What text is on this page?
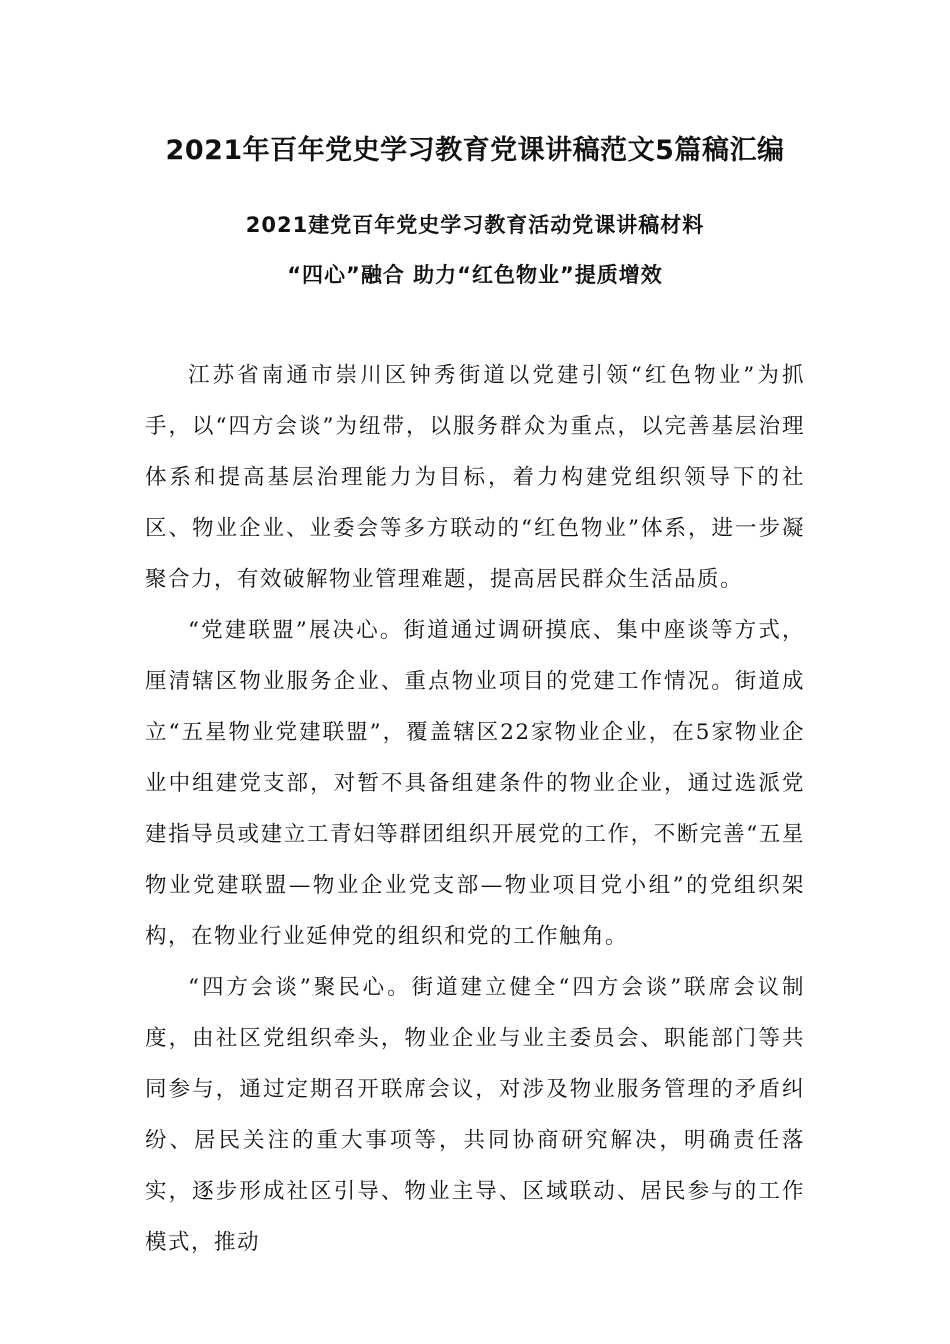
2021年百年党史学习教育党课讲稿范文5篇稿汇编
2021建党百年党史学习教育活动党课讲稿材料
“四心”融合 助力“红色物业”提质增效

江苏省南通市崇川区钟秀街道以党建引领“红色物业”为抓手，以“四方会谈”为纽带，以服务群众为重点，以完善基层治理体系和提高基层治理能力为目标，着力构建党组织领导下的社区、物业企业、业委会等多方联动的“红色物业”体系，进一步凝聚合力，有效破解物业管理难题，提高居民群众生活品质。

“党建联盟”展决心。街道通过调研摸底、集中座谈等方式，厘清辖区物业服务企业、重点物业项目的党建工作情况。街道成立“五星物业党建联盟”，覆盖辖区22家物业企业，在5家物业企业中组建党支部，对暂不具备组建条件的物业企业，通过选派党建指导员或建立工青妇等群团组织开展党的工作，不断完善“五星物业党建联盟—物业企业党支部—物业项目党小组”的党组织架构，在物业行业延伸党的组织和党的工作触角。

“四方会谈”聚民心。街道建立健全“四方会谈”联席会议制度，由社区党组织牵头，物业企业与业主委员会、职能部门等共同参与，通过定期召开联席会议，对涉及物业服务管理的矛盾纠纷、居民关注的重大事项等，共同协商研究解决，明确责任落实，逐步形成社区引导、物业主导、区域联动、居民参与的工作模式，推动
